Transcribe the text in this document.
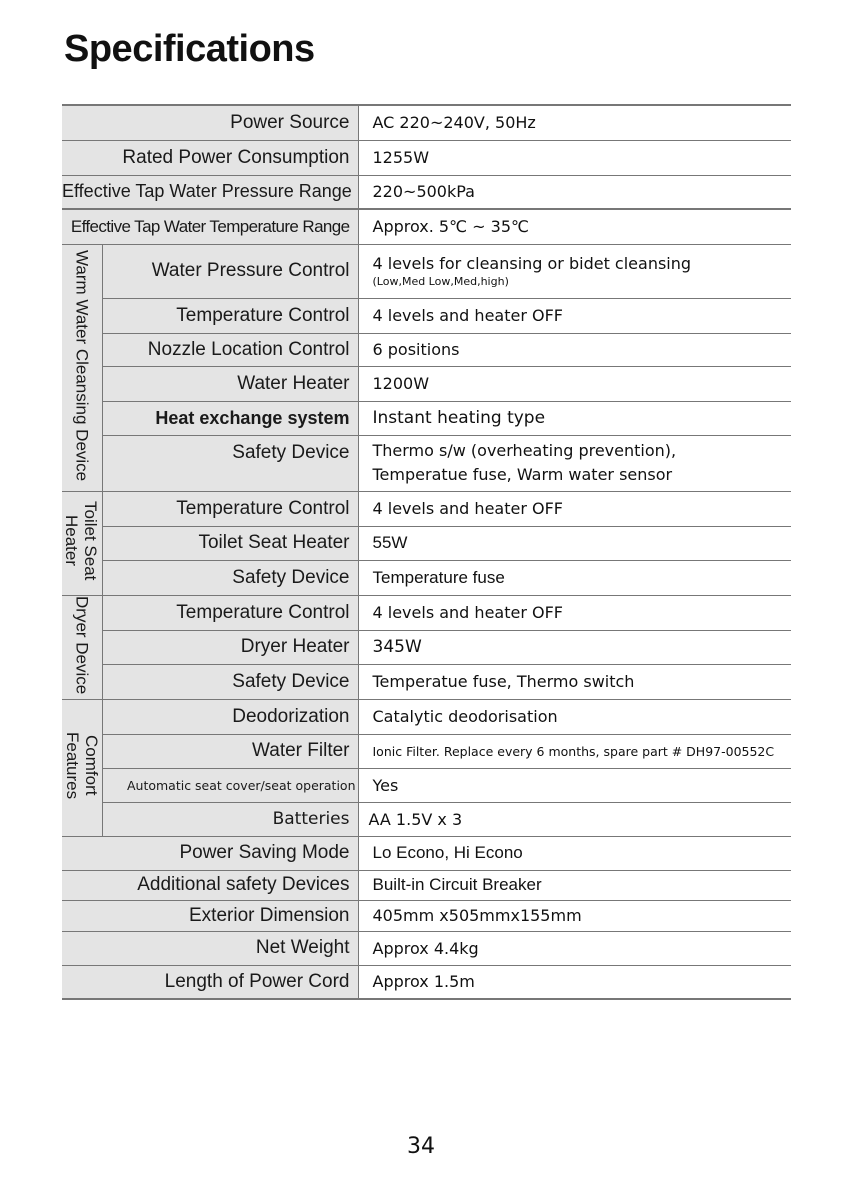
Specifications
Power Source		AC 220~240V, 50Hz
Rated Power Consumption		1255W
Effective Tap Water Pressure Range		220~500kPa
Effective Tap Water Temperature Range		Approx. 5℃ ~ 35℃
Warm Water Cleansing Device	Water Pressure Control	4 levels for cleansing or bidet cleansing
(Low,Med Low,Med,high)

	Temperature Control	4 levels and heater OFF
	Nozzle Location Control	6 positions
	Water Heater	1200W
	Heat exchange system	Instant heating type
	Safety Device	Thermo s/w (overheating prevention),
Temperatue fuse, Warm water sensor

Toilet Seat Heater	Temperature Control	4 levels and heater OFF
	Toilet Seat Heater	55W
	Safety Device	Temperature fuse
Dryer Device	Temperature Control	4 levels and heater OFF
	Dryer Heater	345W
	Safety Device	Temperatue fuse, Thermo switch
Comfort Features	Deodorization	Catalytic deodorisation
	Water Filter	Ionic Filter. Replace every 6 months, spare part # DH97-00552C
	Automatic seat cover/seat operation	Yes
	Batteries	AA 1.5V x 3
Power Saving Mode		Lo Econo, Hi Econo
Additional safety Devices		Built-in Circuit Breaker
Exterior Dimension		405mm x505mmx155mm
Net Weight		Approx 4.4kg
Length of Power Cord		Approx 1.5m
34
